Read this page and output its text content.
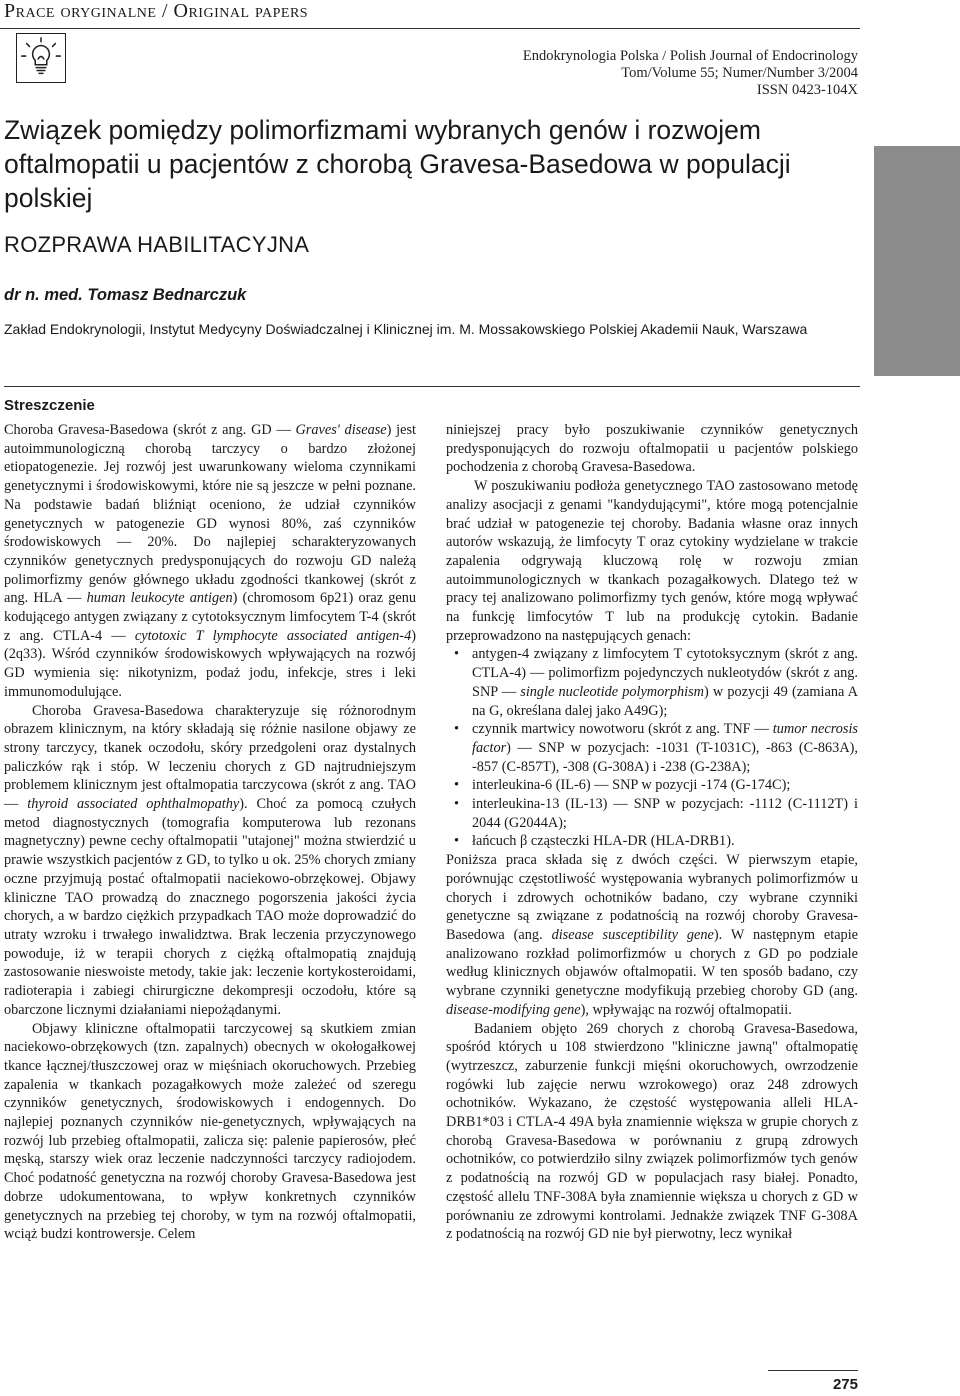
Prace oryginalne / Original papers
Endokrynologia Polska / Polish Journal of Endocrinology
Tom/Volume 55; Numer/Number 3/2004
ISSN 0423-104X
Związek pomiędzy polimorfizmami wybranych genów i rozwojem oftalmopatii u pacjentów z chorobą Gravesa-Basedowa w populacji polskiej
ROZPRAWA HABILITACYJNA
dr n. med. Tomasz Bednarczuk
Zakład Endokrynologii, Instytut Medycyny Doświadczalnej i Klinicznej im. M. Mossakowskiego Polskiej Akademii Nauk, Warszawa
Streszczenie

Choroba Gravesa-Basedowa (skrót z ang. GD — Graves' disease) jest autoimmunologiczną chorobą tarczycy o bardzo złożonej etiopatogenezie. Jej rozwój jest uwarunkowany wieloma czynnikami genetycznymi i środowiskowymi, które nie są jeszcze w pełni poznane. Na podstawie badań bliźniąt oceniono, że udział czynników genetycznych w patogenezie GD wynosi 80%, zaś czynników środowiskowych — 20%. Do najlepiej scharakteryzowanych czynników genetycznych predysponujących do rozwoju GD należą polimorfizmy genów głównego układu zgodności tkankowej (skrót z ang. HLA — human leukocyte antigen) (chromosom 6p21) oraz genu kodującego antygen związany z cytotoksycznym limfocytem T-4 (skrót z ang. CTLA-4 — cytotoxic T lymphocyte associated antigen-4) (2q33). Wśród czynników środowiskowych wpływających na rozwój GD wymienia się: nikotynizm, podaż jodu, infekcje, stres i leki immunomodulujące.

Choroba Gravesa-Basedowa charakteryzuje się różnorodnym obrazem klinicznym, na który składają się różnie nasilone objawy ze strony tarczycy, tkanek oczodołu, skóry przedgoleni oraz dystalnych paliczków rąk i stóp. W leczeniu chorych z GD najtrudniejszym problemem klinicznym jest oftalmopatia tarczycowa (skrót z ang. TAO — thyroid associated ophthalmopathy). Choć za pomocą czułych metod diagnostycznych (tomografia komputerowa lub rezonans magnetyczny) pewne cechy oftalmopatii "utajonej" można stwierdzić u prawie wszystkich pacjentów z GD, to tylko u ok. 25% chorych zmiany oczne przyjmują postać oftalmopatii naciekowo-obrzękowej. Objawy kliniczne TAO prowadzą do znacznego pogorszenia jakości życia chorych, a w bardzo ciężkich przypadkach TAO może doprowadzić do utraty wzroku i trwałego inwalidztwa. Brak leczenia przyczynowego powoduje, iż w terapii chorych z ciężką oftalmopatią znajdują zastosowanie nieswoiste metody, takie jak: leczenie kortykosteroidami, radioterapia i zabiegi chirurgiczne dekompresji oczodołu, które są obarczone licznymi działaniami niepożądanymi.

Objawy kliniczne oftalmopatii tarczycowej są skutkiem zmian naciekowo-obrzękowych (tzn. zapalnych) obecnych w okołogałkowej tkance łącznej/tłuszczowej oraz w mięśniach okoruchowych. Przebieg zapalenia w tkankach pozagałkowych może zależeć od szeregu czynników genetycznych, środowiskowych i endogennych. Do najlepiej poznanych czynników nie-genetycznych, wpływających na rozwój lub przebieg oftalmopatii, zalicza się: palenie papierosów, płeć męską, starszy wiek oraz leczenie nadczynności tarczycy radiojodem. Choć podatność genetyczna na rozwój choroby Gravesa-Basedowa jest dobrze udokumentowana, to wpływ konkretnych czynników genetycznych na przebieg tej choroby, w tym na rozwój oftalmopatii, wciąż budzi kontrowersje. Celem

niniejszej pracy było poszukiwanie czynników genetycznych predysponujących do rozwoju oftalmopatii u pacjentów polskiego pochodzenia z chorobą Gravesa-Basedowa.

W poszukiwaniu podłoża genetycznego TAO zastosowano metodę analizy asocjacji z genami "kandydującymi", które mogą potencjalnie brać udział w patogenezie tej choroby. Badania własne oraz innych autorów wskazują, że limfocyty T oraz cytokiny wydzielane w trakcie zapalenia odgrywają kluczową rolę w rozwoju zmian autoimmunologicznych w tkankach pozagałkowych. Dlatego też w pracy tej analizowano polimorfizmy tych genów, które mogą wpływać na funkcję limfocytów T lub na produkcję cytokin. Badanie przeprowadzono na następujących genach:

• antygen-4 związany z limfocytem T cytotoksycznym (skrót z ang. CTLA-4) — polimorfizm pojedynczych nukleotydów (skrót z ang. SNP — single nucleotide polymorphism) w pozycji 49 (zamiana A na G, określana dalej jako A49G);
• czynnik martwicy nowotworu (skrót z ang. TNF — tumor necrosis factor) — SNP w pozycjach: -1031 (T-1031C), -863 (C-863A), -857 (C-857T), -308 (G-308A) i -238 (G-238A);
• interleukina-6 (IL-6) — SNP w pozycji -174 (G-174C);
• interleukina-13 (IL-13) — SNP w pozycjach: -1112 (C-1112T) i 2044 (G2044A);
• łańcuch β cząsteczki HLA-DR (HLA-DRB1).

Poniższa praca składa się z dwóch części. W pierwszym etapie, porównując częstotliwość występowania wybranych polimorfizmów u chorych i zdrowych ochotników badano, czy wybrane czynniki genetyczne są związane z podatnością na rozwój choroby Gravesa-Basedowa (ang. disease susceptibility gene). W następnym etapie analizowano rozkład polimorfizmów u chorych z GD po podziale według klinicznych objawów oftalmopatii. W ten sposób badano, czy wybrane czynniki genetyczne modyfikują przebieg choroby GD (ang. disease-modifying gene), wpływając na rozwój oftalmopatii.

Badaniem objęto 269 chorych z chorobą Gravesa-Basedowa, spośród których u 108 stwierdzono "kliniczne jawną" oftalmopatię (wytrzeszcz, zaburzenie funkcji mięśni okoruchowych, owrzodzenie rogówki lub zajęcie nerwu wzrokowego) oraz 248 zdrowych ochotników. Wykazano, że częstość występowania alleli HLA-DRB1*03 i CTLA-4 49A była znamiennie większa w grupie chorych z chorobą Gravesa-Basedowa w porównaniu z grupą zdrowych ochotników, co potwierdziło silny związek polimorfizmów tych genów z podatnością na rozwój GD w populacjach rasy białej. Ponadto, częstość allelu TNF-308A była znamiennie większa u chorych z GD w porównaniu ze zdrowymi kontrolami. Jednakże związek TNF G-308A z podatnością na rozwój GD nie był pierwotny, lecz wynikał

275
